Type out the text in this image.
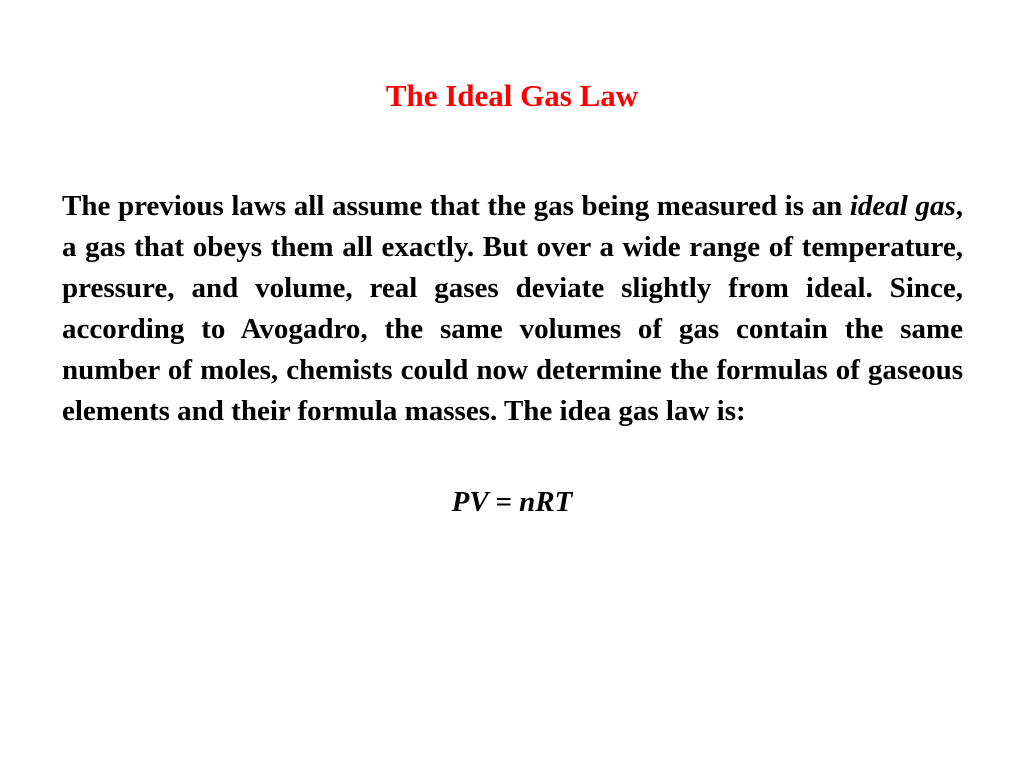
The Ideal Gas Law
The previous laws all assume that the gas being measured is an ideal gas, a gas that obeys them all exactly. But over a wide range of temperature, pressure, and volume, real gases deviate slightly from ideal. Since, according to Avogadro, the same volumes of gas contain the same number of moles, chemists could now determine the formulas of gaseous elements and their formula masses. The idea gas law is:
PV = nRT
